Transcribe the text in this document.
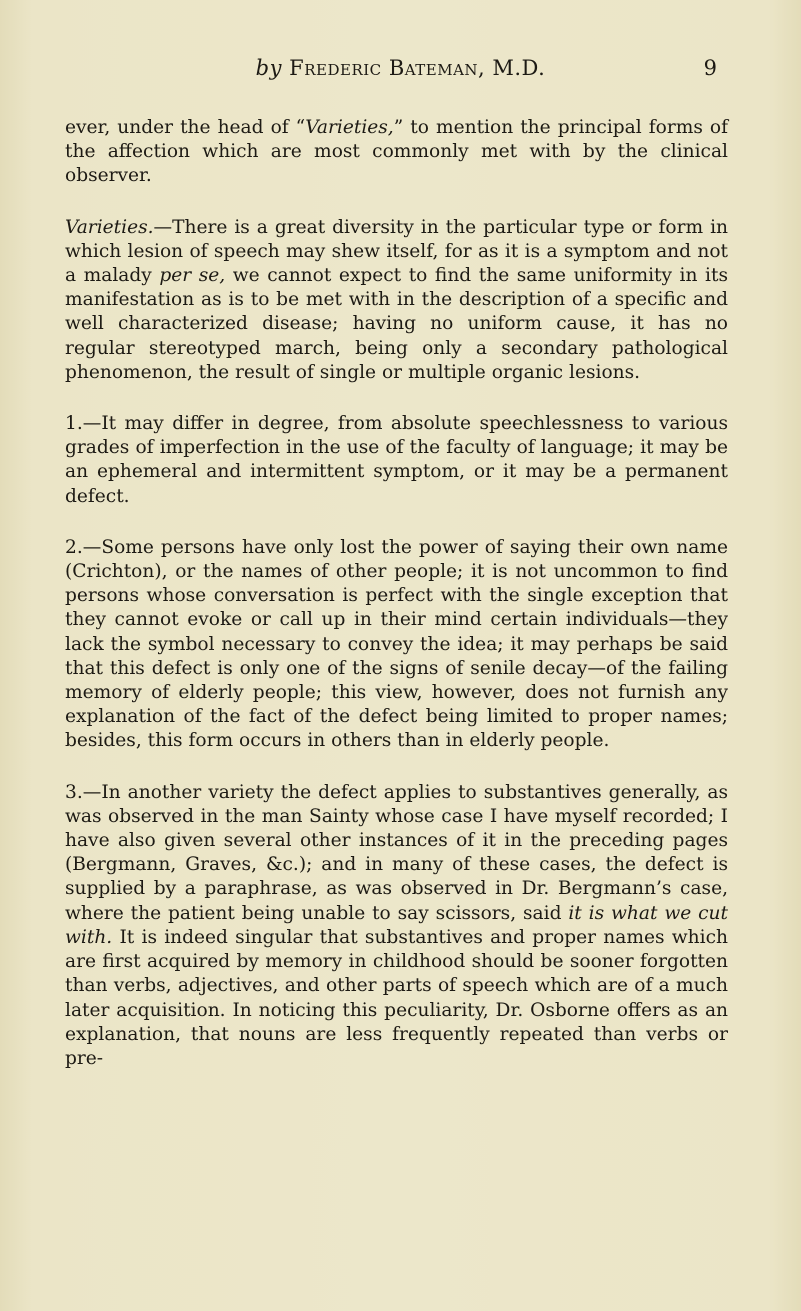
by Frederic Bateman, M.D.	9

ever, under the head of “Varieties,” to mention the principal forms of the affection which are most commonly met with by the clinical observer.

Varieties.—There is a great diversity in the particular type or form in which lesion of speech may shew itself, for as it is a symptom and not a malady per se, we cannot expect to find the same uniformity in its manifestation as is to be met with in the description of a specific and well characterized disease; having no uniform cause, it has no regular stereotyped march, being only a secondary pathological phenomenon, the result of single or multiple organic lesions.

1.—It may differ in degree, from absolute speechlessness to various grades of imperfection in the use of the faculty of language; it may be an ephemeral and intermittent symptom, or it may be a permanent defect.

2.—Some persons have only lost the power of saying their own name (Crichton), or the names of other people; it is not uncommon to find persons whose conversation is perfect with the single exception that they cannot evoke or call up in their mind certain individuals—they lack the symbol necessary to convey the idea; it may perhaps be said that this defect is only one of the signs of senile decay—of the failing memory of elderly people; this view, however, does not furnish any explanation of the fact of the defect being limited to proper names; besides, this form occurs in others than in elderly people.

3.—In another variety the defect applies to substantives generally, as was observed in the man Sainty whose case I have myself recorded; I have also given several other instances of it in the preceding pages (Bergmann, Graves, &c.); and in many of these cases, the defect is supplied by a paraphrase, as was observed in Dr. Bergmann’s case, where the patient being unable to say scissors, said it is what we cut with. It is indeed singular that substantives and proper names which are first acquired by memory in childhood should be sooner forgotten than verbs, adjectives, and other parts of speech which are of a much later acquisition. In noticing this peculiarity, Dr. Osborne offers as an explanation, that nouns are less frequently repeated than verbs or pre-
